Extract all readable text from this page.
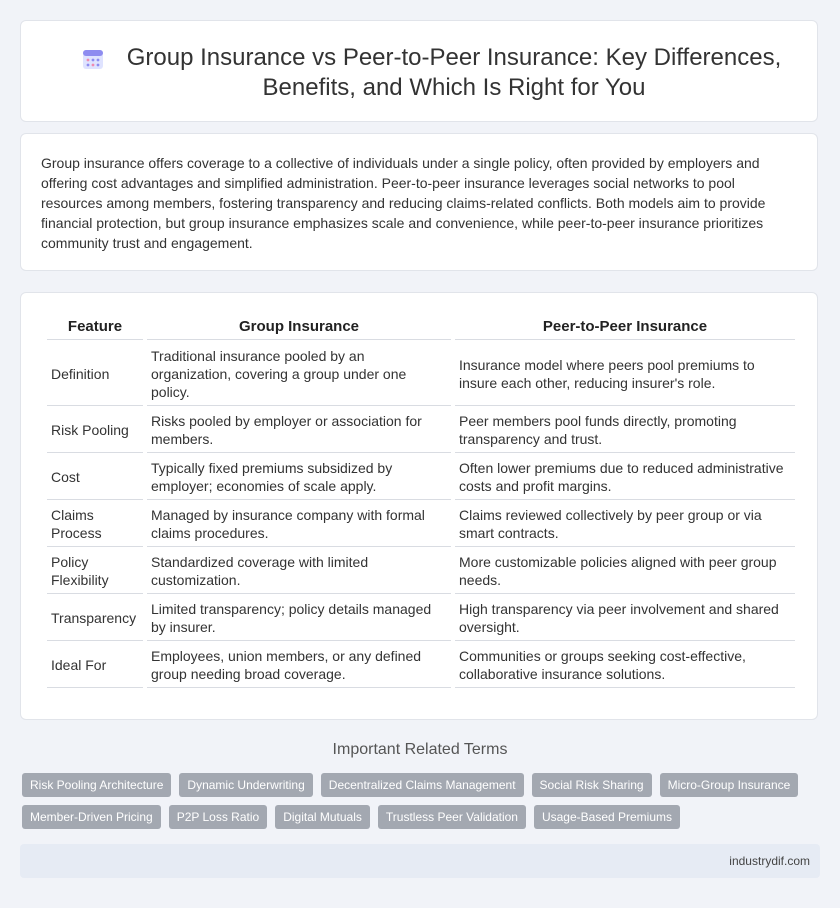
Group Insurance vs Peer-to-Peer Insurance: Key Differences, Benefits, and Which Is Right for You

Group insurance offers coverage to a collective of individuals under a single policy, often provided by employers and offering cost advantages and simplified administration. Peer-to-peer insurance leverages social networks to pool resources among members, fostering transparency and reducing claims-related conflicts. Both models aim to provide financial protection, but group insurance emphasizes scale and convenience, while peer-to-peer insurance prioritizes community trust and engagement.

Feature	Group Insurance	Peer-to-Peer Insurance
Definition	Traditional insurance pooled by an organization, covering a group under one policy.	Insurance model where peers pool premiums to insure each other, reducing insurer's role.
Risk Pooling	Risks pooled by employer or association for members.	Peer members pool funds directly, promoting transparency and trust.
Cost	Typically fixed premiums subsidized by employer; economies of scale apply.	Often lower premiums due to reduced administrative costs and profit margins.
Claims Process	Managed by insurance company with formal claims procedures.	Claims reviewed collectively by peer group or via smart contracts.
Policy Flexibility	Standardized coverage with limited customization.	More customizable policies aligned with peer group needs.
Transparency	Limited transparency; policy details managed by insurer.	High transparency via peer involvement and shared oversight.
Ideal For	Employees, union members, or any defined group needing broad coverage.	Communities or groups seeking cost-effective, collaborative insurance solutions.
Important Related Terms
Risk Pooling Architecture	Dynamic Underwriting	Decentralized Claims Management	Social Risk Sharing	Micro-Group Insurance
Member-Driven Pricing	P2P Loss Ratio	Digital Mutuals	Trustless Peer Validation	Usage-Based Premiums
industrydif.com
